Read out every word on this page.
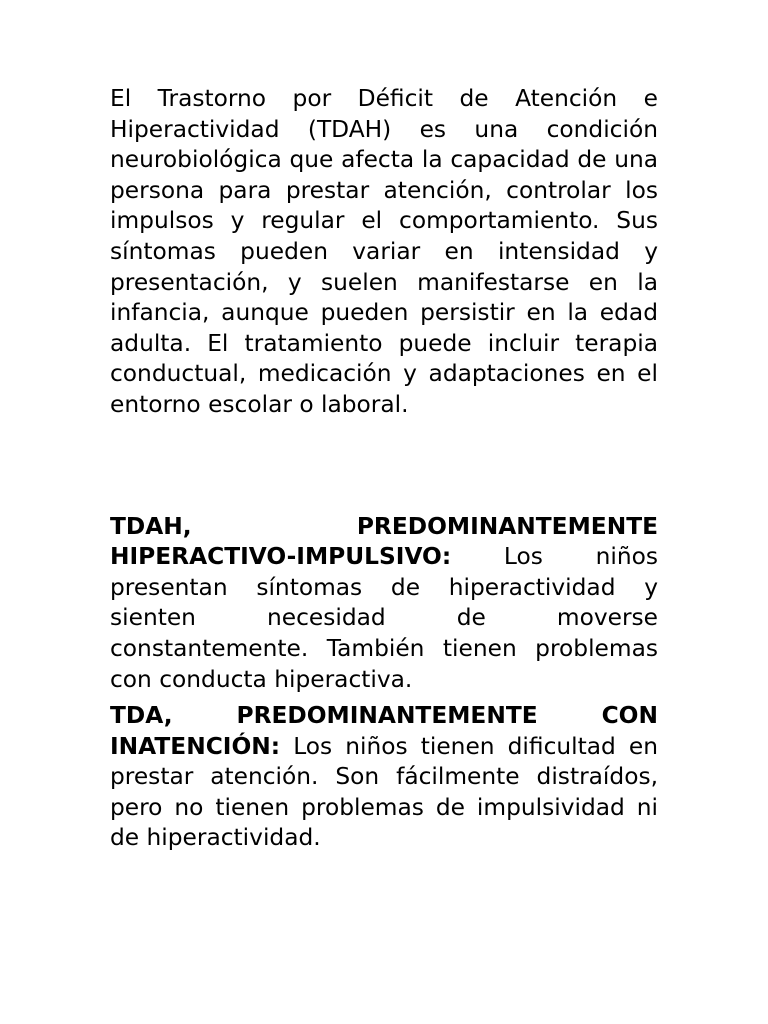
El Trastorno por Déficit de Atención e Hiperactividad (TDAH) es una condición neurobiológica que afecta la capacidad de una persona para prestar atención, controlar los impulsos y regular el comportamiento. Sus síntomas pueden variar en intensidad y presentación, y suelen manifestarse en la infancia, aunque pueden persistir en la edad adulta. El tratamiento puede incluir terapia conductual, medicación y adaptaciones en el entorno escolar o laboral.

TDAH, PREDOMINANTEMENTE HIPERACTIVO-IMPULSIVO: Los niños presentan síntomas de hiperactividad y sienten necesidad de moverse constantemente. También tienen problemas con conducta hiperactiva.

TDA, PREDOMINANTEMENTE CON INATENCIÓN: Los niños tienen dificultad en prestar atención. Son fácilmente distraídos, pero no tienen problemas de impulsividad ni de hiperactividad.
